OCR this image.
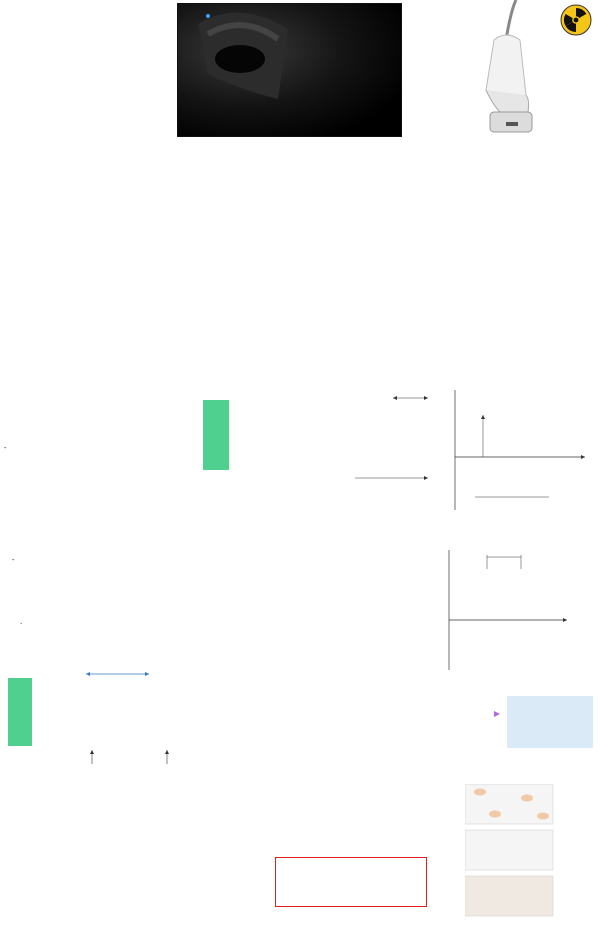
-
-
.
